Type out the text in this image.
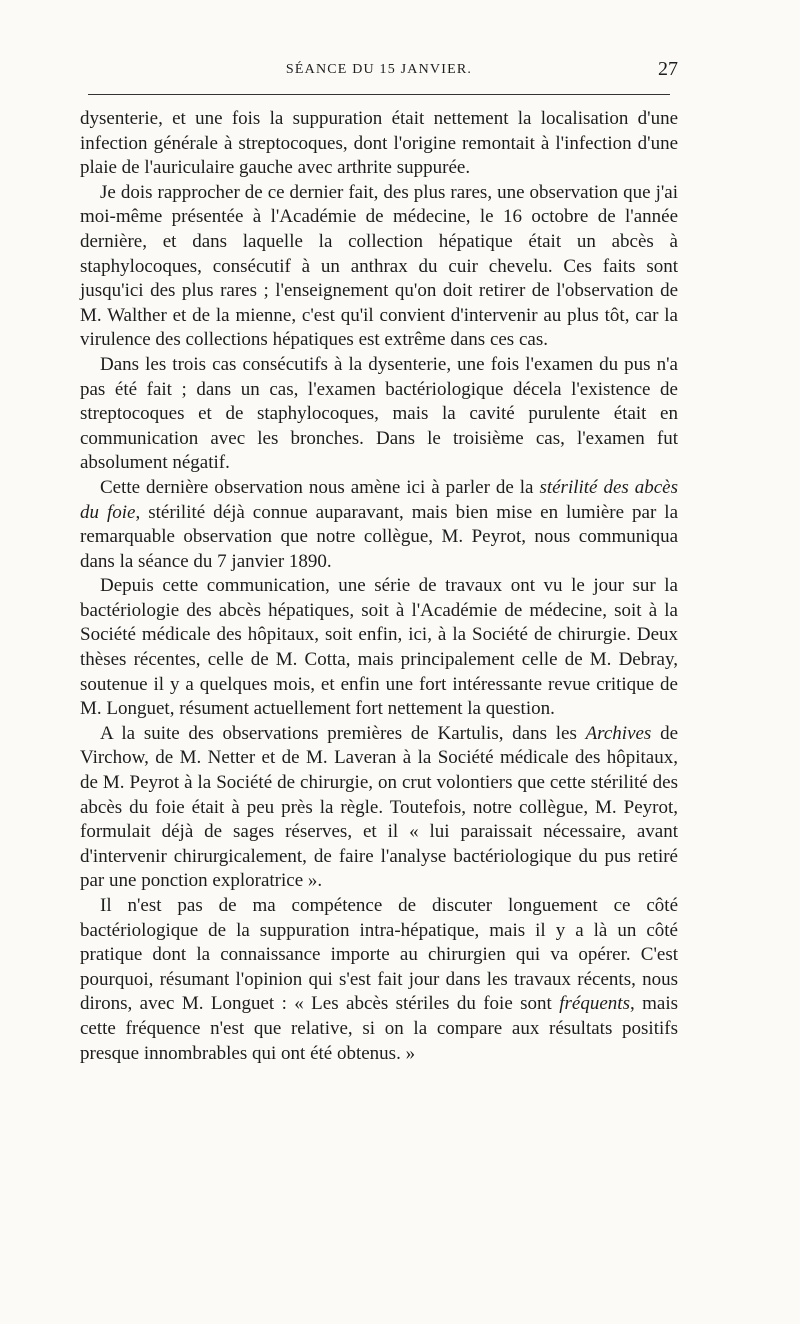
SÉANCE DU 15 JANVIER.	27

dysenterie, et une fois la suppuration était nettement la localisation d'une infection générale à streptocoques, dont l'origine remontait à l'infection d'une plaie de l'auriculaire gauche avec arthrite suppurée.

Je dois rapprocher de ce dernier fait, des plus rares, une observation que j'ai moi-même présentée à l'Académie de médecine, le 16 octobre de l'année dernière, et dans laquelle la collection hépatique était un abcès à staphylocoques, consécutif à un anthrax du cuir chevelu. Ces faits sont jusqu'ici des plus rares ; l'enseignement qu'on doit retirer de l'observation de M. Walther et de la mienne, c'est qu'il convient d'intervenir au plus tôt, car la virulence des collections hépatiques est extrême dans ces cas.

Dans les trois cas consécutifs à la dysenterie, une fois l'examen du pus n'a pas été fait ; dans un cas, l'examen bactériologique décela l'existence de streptocoques et de staphylocoques, mais la cavité purulente était en communication avec les bronches. Dans le troisième cas, l'examen fut absolument négatif.

Cette dernière observation nous amène ici à parler de la stérilité des abcès du foie, stérilité déjà connue auparavant, mais bien mise en lumière par la remarquable observation que notre collègue, M. Peyrot, nous communiqua dans la séance du 7 janvier 1890.

Depuis cette communication, une série de travaux ont vu le jour sur la bactériologie des abcès hépatiques, soit à l'Académie de médecine, soit à la Société médicale des hôpitaux, soit enfin, ici, à la Société de chirurgie. Deux thèses récentes, celle de M. Cotta, mais principalement celle de M. Debray, soutenue il y a quelques mois, et enfin une fort intéressante revue critique de M. Longuet, résument actuellement fort nettement la question.

A la suite des observations premières de Kartulis, dans les Archives de Virchow, de M. Netter et de M. Laveran à la Société médicale des hôpitaux, de M. Peyrot à la Société de chirurgie, on crut volontiers que cette stérilité des abcès du foie était à peu près la règle. Toutefois, notre collègue, M. Peyrot, formulait déjà de sages réserves, et il « lui paraissait nécessaire, avant d'intervenir chirurgicalement, de faire l'analyse bactériologique du pus retiré par une ponction exploratrice ».

Il n'est pas de ma compétence de discuter longuement ce côté bactériologique de la suppuration intra-hépatique, mais il y a là un côté pratique dont la connaissance importe au chirurgien qui va opérer. C'est pourquoi, résumant l'opinion qui s'est fait jour dans les travaux récents, nous dirons, avec M. Longuet : « Les abcès stériles du foie sont fréquents, mais cette fréquence n'est que relative, si on la compare aux résultats positifs presque innombrables qui ont été obtenus. »
